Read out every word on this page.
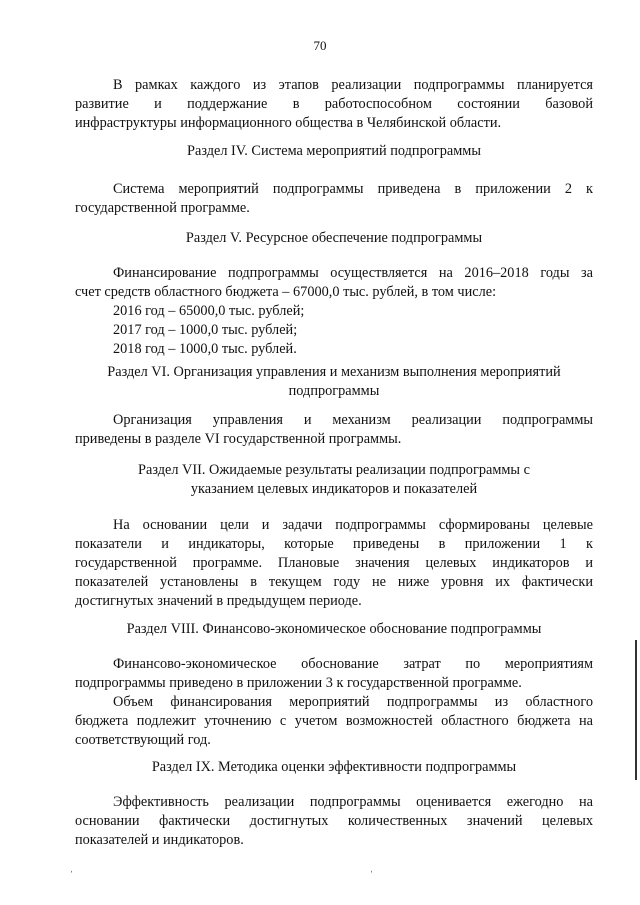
70
В рамках каждого из этапов реализации подпрограммы планируется
развитие и поддержание в работоспособном состоянии базовой
инфраструктуры информационного общества в Челябинской области.
Раздел IV. Система мероприятий подпрограммы
Система мероприятий подпрограммы приведена в приложении 2 к
государственной программе.
Раздел V. Ресурсное обеспечение подпрограммы
Финансирование подпрограммы осуществляется на 2016–2018 годы за
счет средств областного бюджета – 67000,0 тыс. рублей, в том числе:
2016 год – 65000,0 тыс. рублей;
2017 год – 1000,0 тыс. рублей;
2018 год – 1000,0 тыс. рублей.
Раздел VI. Организация управления и механизм выполнения мероприятий
подпрограммы
Организация управления и механизм реализации подпрограммы
приведены в разделе VI государственной программы.
Раздел VII. Ожидаемые результаты реализации подпрограммы с
указанием целевых индикаторов и показателей
На основании цели и задачи подпрограммы сформированы целевые
показатели и индикаторы, которые приведены в приложении 1 к
государственной программе. Плановые значения целевых индикаторов и
показателей установлены в текущем году не ниже уровня их фактически
достигнутых значений в предыдущем периоде.
Раздел VIII. Финансово-экономическое обоснование подпрограммы
Финансово-экономическое обоснование затрат по мероприятиям
подпрограммы приведено в приложении 3 к государственной программе.
Объем финансирования мероприятий подпрограммы из областного
бюджета подлежит уточнению с учетом возможностей областного бюджета на
соответствующий год.
Раздел IX. Методика оценки эффективности подпрограммы
Эффективность реализации подпрограммы оценивается ежегодно на
основании фактически достигнутых количественных значений целевых
показателей и индикаторов.
ˌ	ˌ
